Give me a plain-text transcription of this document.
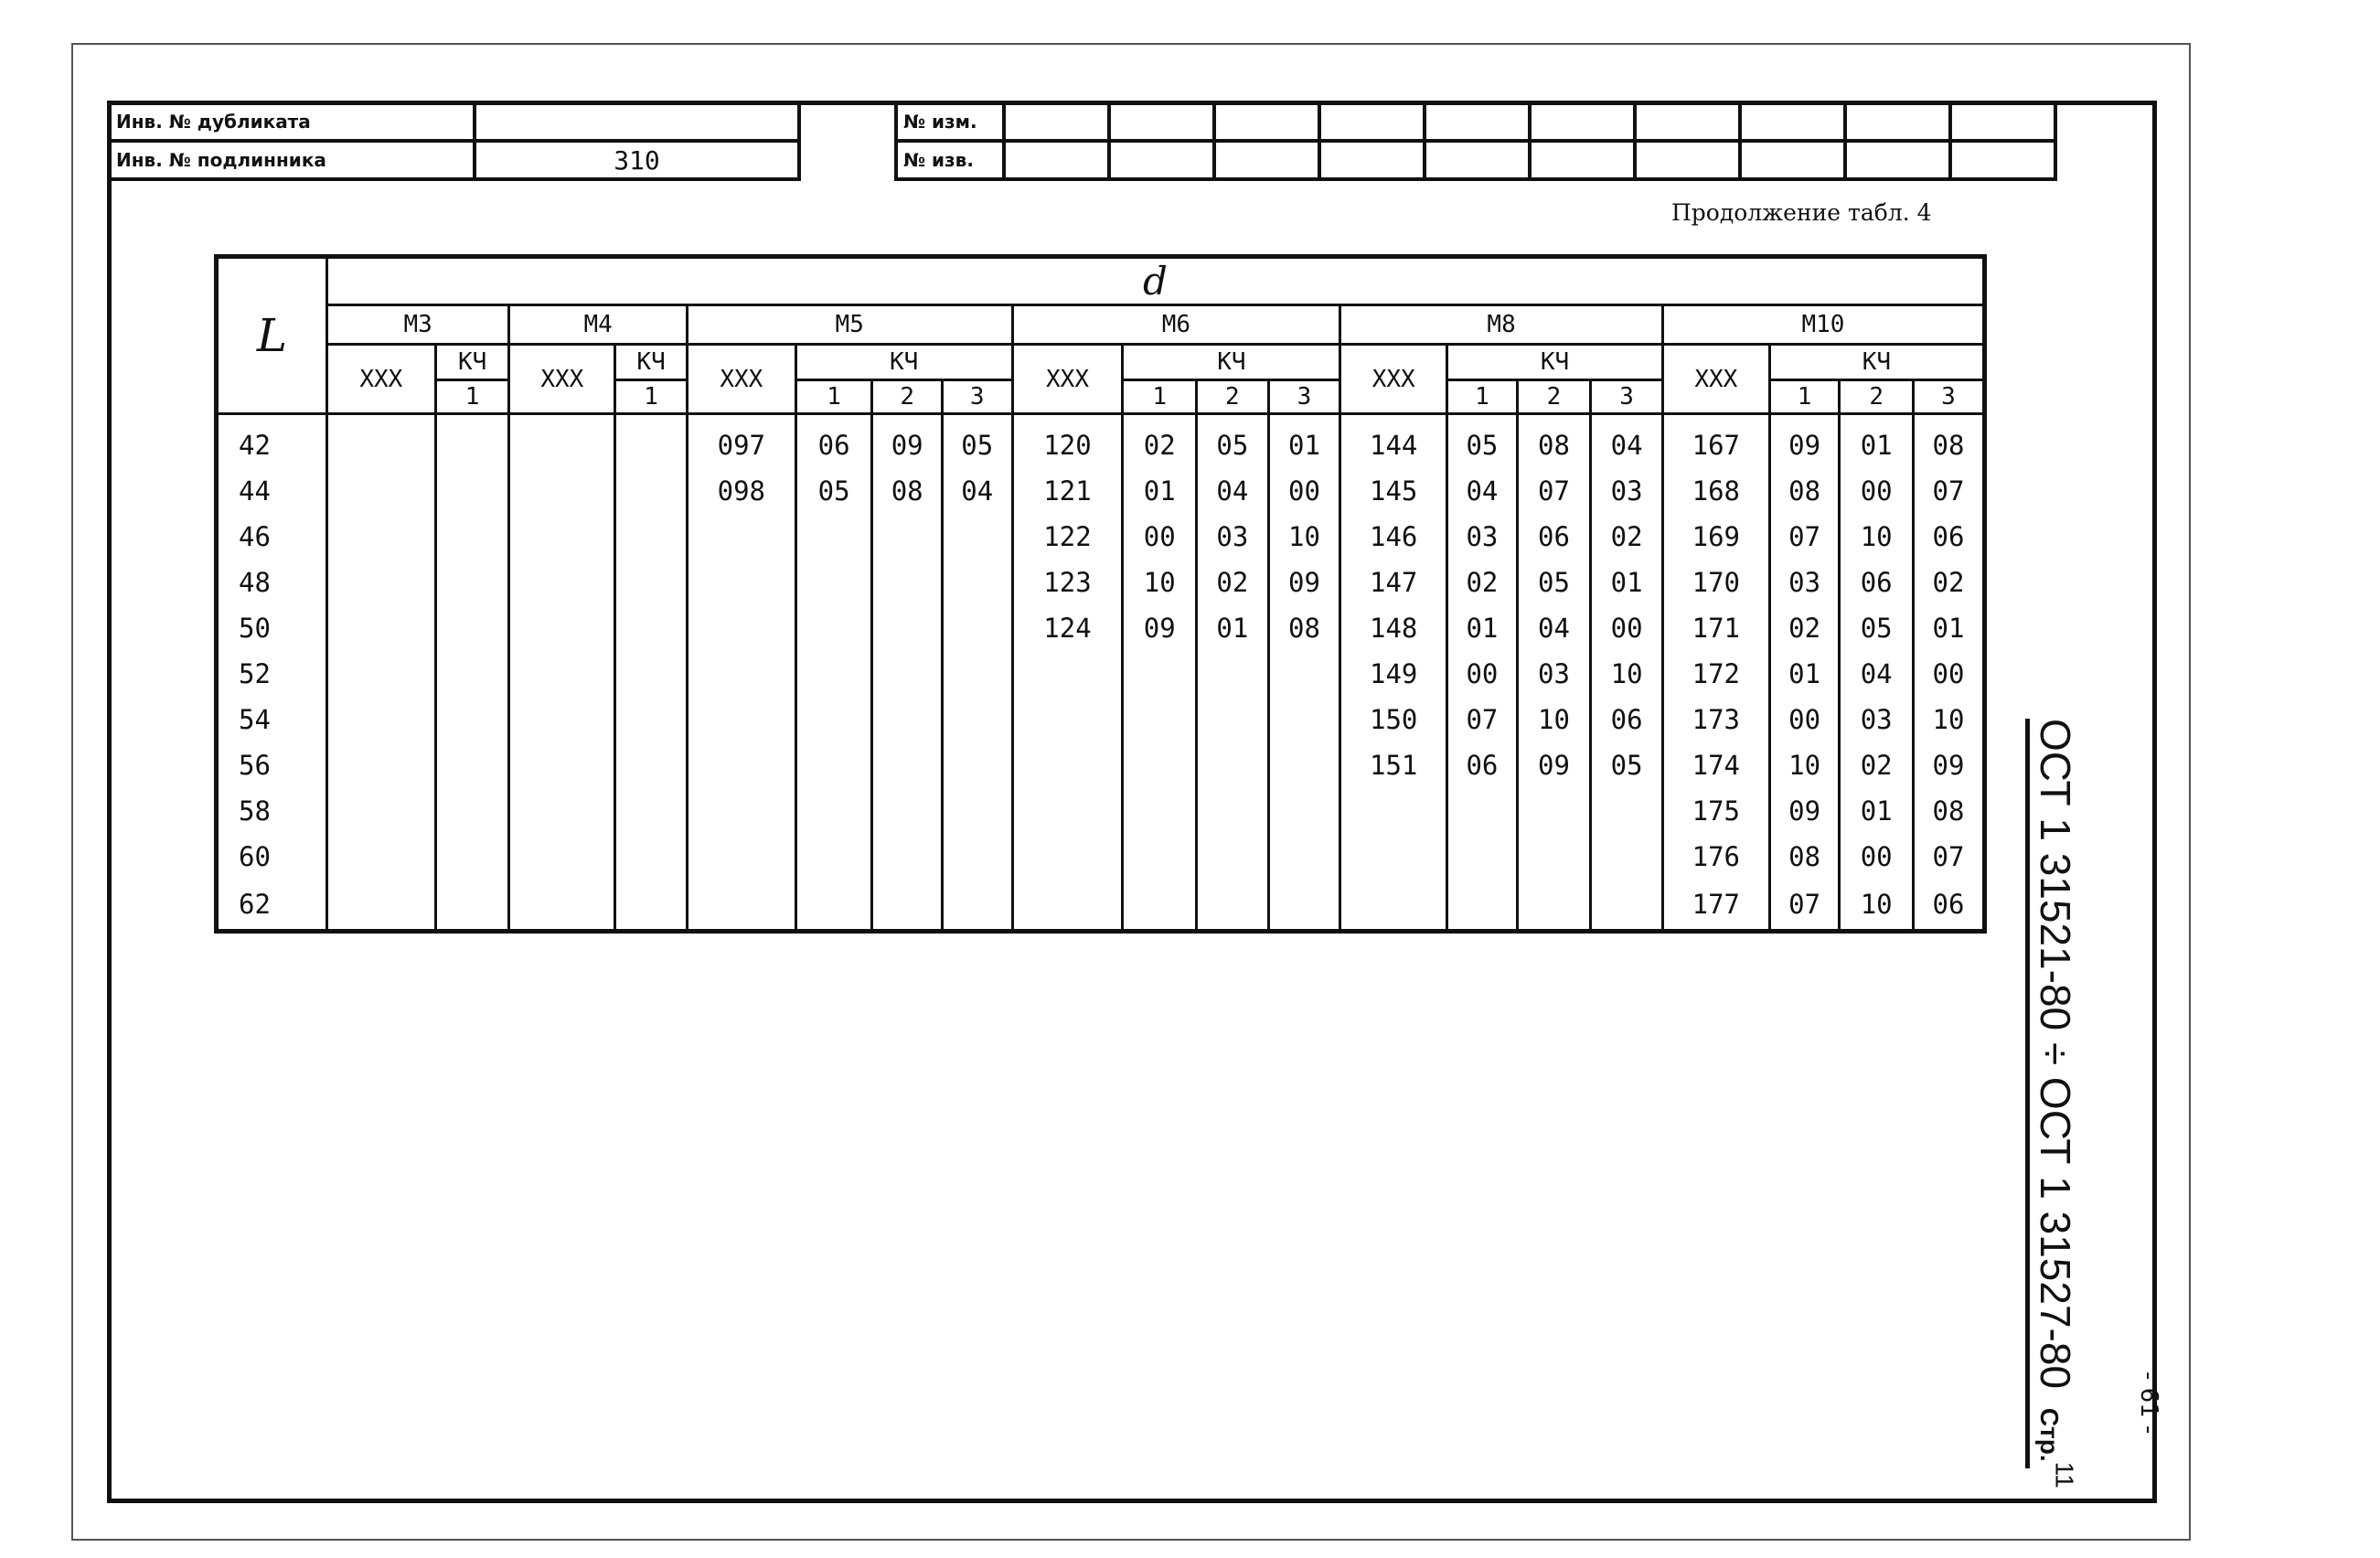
Инв. № дубликата	
Инв. № подлинника	310
№ изм.										
№ изв.										
Продолжение табл. 4
L	d																			
	М3		М4		М5				М6				М8				М10			
	ХХХ	КЧ	ХХХ	КЧ	ХХХ	КЧ			ХХХ	КЧ			ХХХ	КЧ			ХХХ	КЧ		
		1		1		1	2	3		1	2	3		1	2	3		1	2	3
42					097	06	09	05	120	02	05	01	144	05	08	04	167	09	01	08
44					098	05	08	04	121	01	04	00	145	04	07	03	168	08	00	07
46									122	00	03	10	146	03	06	02	169	07	10	06
48									123	10	02	09	147	02	05	01	170	03	06	02
50									124	09	01	08	148	01	04	00	171	02	05	01
52													149	00	03	10	172	01	04	00
54													150	07	10	06	173	00	03	10
56													151	06	09	05	174	10	02	09
58																	175	09	01	08
60																	176	08	00	07
62																	177	07	10	06 ОСТ 1 31521-80 ÷ ОСТ 1 31527-80 Стр.$^{11}$
- 61 -
